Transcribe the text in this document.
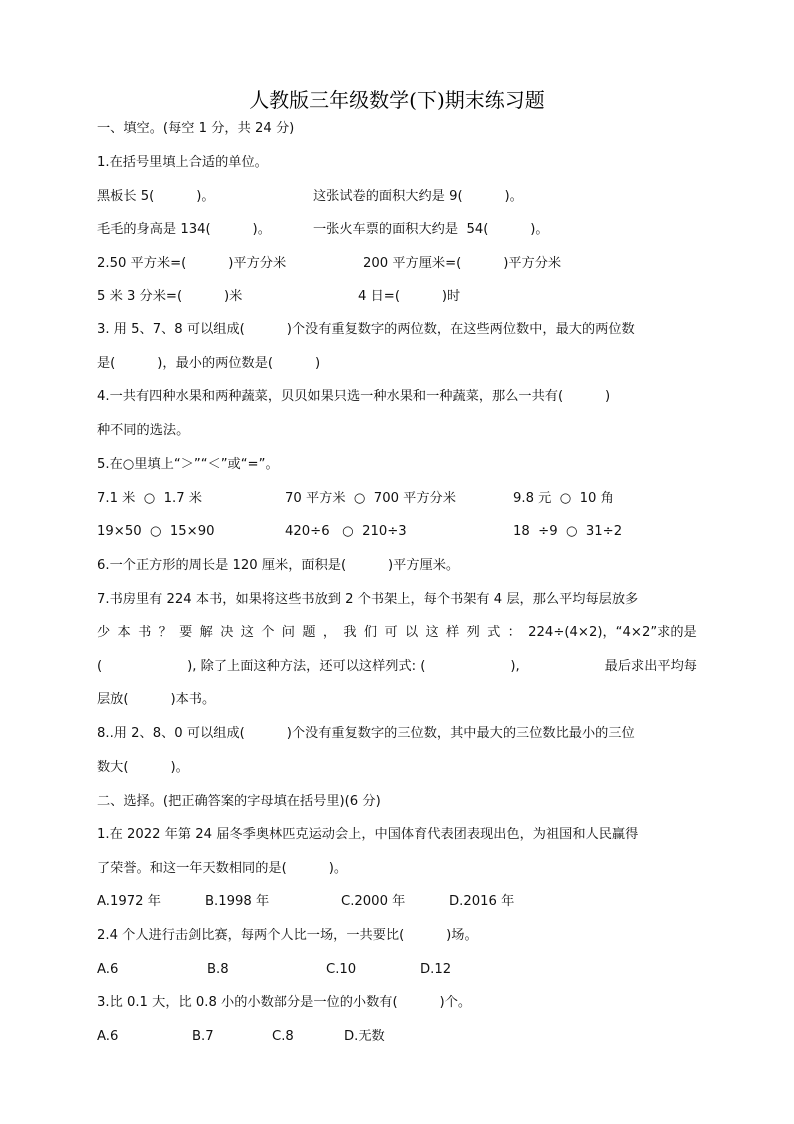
人教版三年级数学(下)期末练习题
一、填空。(每空 1 分，共 24 分)
1.在括号里填上合适的单位。
黑板长 5(          )。	这张试卷的面积大约是 9(          )。
毛毛的身高是 134(          )。	一张火车票的面积大约是  54(          )。
2.50 平方米=(          )平方分米	200 平方厘米=(          )平方分米
5 米 3 分米=(          )米	4 日=(          )时
3. 用 5、7、8 可以组成(          )个没有重复数字的两位数，在这些两位数中，最大的两位数
是(          )，最小的两位数是(          )
4.一共有四种水果和两种蔬菜，贝贝如果只选一种水果和一种蔬菜，那么一共有(          )
种不同的选法。
5.在○里填上“＞”“＜”或“=”。
7.1 米  ○  1.7 米	70 平方米  ○  700 平方分米	9.8 元  ○  10 角
19×50  ○  15×90	420÷6   ○  210÷3	18  ÷9  ○  31÷2
6.一个正方形的周长是 120 厘米，面积是(          )平方厘米。
7.书房里有 224 本书，如果将这些书放到 2 个书架上，每个书架有 4 层，那么平均每层放多
少 本 书 ？ 要 解 决 这 个 问 题 ， 我 们 可 以 这 样 列 式 ： 224÷(4×2)，“4×2”求的是
(	), 除了上面这种方法，还可以这样列式: (	),	最后求出平均每
层放(          )本书。
8..用 2、8、0 可以组成(          )个没有重复数字的三位数，其中最大的三位数比最小的三位
数大(          )。
二、选择。(把正确答案的字母填在括号里)(6 分)
1.在 2022 年第 24 届冬季奥林匹克运动会上，中国体育代表团表现出色，为祖国和人民赢得
了荣誉。和这一年天数相同的是(          )。
A.1972 年	B.1998 年	C.2000 年	D.2016 年
2.4 个人进行击剑比赛，每两个人比一场，一共要比(          )场。
A.6	B.8	C.10	D.12
3.比 0.1 大，比 0.8 小的小数部分是一位的小数有(          )个。
A.6	B.7	C.8	D.无数
